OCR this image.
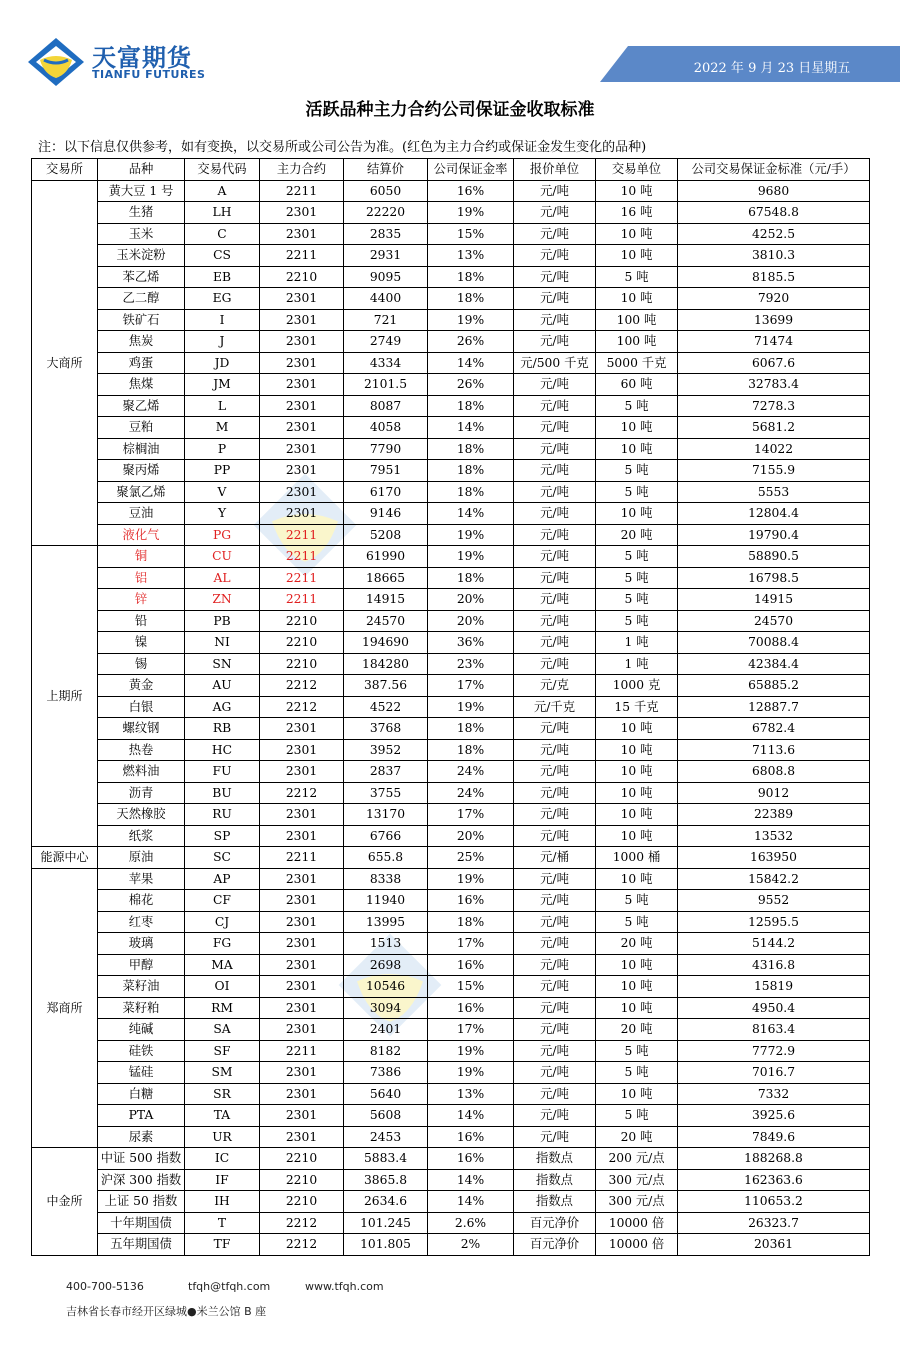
天富期货
TIANFU FUTURES	2022 年 9 月 23 日星期五
活跃品种主力合约公司保证金收取标准
注：以下信息仅供参考，如有变换，以交易所或公司公告为准。(红色为主力合约或保证金发生变化的品种)
交易所	品种	交易代码	主力合约	结算价	公司保证金率	报价单位	交易单位	公司交易保证金标准（元/手）
大商所	黄大豆 1 号	A	2211	6050	16%	元/吨	10 吨	9680
	生猪	LH	2301	22220	19%	元/吨	16 吨	67548.8
	玉米	C	2301	2835	15%	元/吨	10 吨	4252.5
	玉米淀粉	CS	2211	2931	13%	元/吨	10 吨	3810.3
	苯乙烯	EB	2210	9095	18%	元/吨	5 吨	8185.5
	乙二醇	EG	2301	4400	18%	元/吨	10 吨	7920
	铁矿石	I	2301	721	19%	元/吨	100 吨	13699
	焦炭	J	2301	2749	26%	元/吨	100 吨	71474
	鸡蛋	JD	2301	4334	14%	元/500 千克	5000 千克	6067.6
	焦煤	JM	2301	2101.5	26%	元/吨	60 吨	32783.4
	聚乙烯	L	2301	8087	18%	元/吨	5 吨	7278.3
	豆粕	M	2301	4058	14%	元/吨	10 吨	5681.2
	棕榈油	P	2301	7790	18%	元/吨	10 吨	14022
	聚丙烯	PP	2301	7951	18%	元/吨	5 吨	7155.9
	聚氯乙烯	V	2301	6170	18%	元/吨	5 吨	5553
	豆油	Y	2301	9146	14%	元/吨	10 吨	12804.4
	液化气	PG	2211	5208	19%	元/吨	20 吨	19790.4
上期所	铜	CU	2211	61990	19%	元/吨	5 吨	58890.5
	铝	AL	2211	18665	18%	元/吨	5 吨	16798.5
	锌	ZN	2211	14915	20%	元/吨	5 吨	14915
	铅	PB	2210	24570	20%	元/吨	5 吨	24570
	镍	NI	2210	194690	36%	元/吨	1 吨	70088.4
	锡	SN	2210	184280	23%	元/吨	1 吨	42384.4
	黄金	AU	2212	387.56	17%	元/克	1000 克	65885.2
	白银	AG	2212	4522	19%	元/千克	15 千克	12887.7
	螺纹钢	RB	2301	3768	18%	元/吨	10 吨	6782.4
	热卷	HC	2301	3952	18%	元/吨	10 吨	7113.6
	燃料油	FU	2301	2837	24%	元/吨	10 吨	6808.8
	沥青	BU	2212	3755	24%	元/吨	10 吨	9012
	天然橡胶	RU	2301	13170	17%	元/吨	10 吨	22389
	纸浆	SP	2301	6766	20%	元/吨	10 吨	13532
能源中心	原油	SC	2211	655.8	25%	元/桶	1000 桶	163950
郑商所	苹果	AP	2301	8338	19%	元/吨	10 吨	15842.2
	棉花	CF	2301	11940	16%	元/吨	5 吨	9552
	红枣	CJ	2301	13995	18%	元/吨	5 吨	12595.5
	玻璃	FG	2301	1513	17%	元/吨	20 吨	5144.2
	甲醇	MA	2301	2698	16%	元/吨	10 吨	4316.8
	菜籽油	OI	2301	10546	15%	元/吨	10 吨	15819
	菜籽粕	RM	2301	3094	16%	元/吨	10 吨	4950.4
	纯碱	SA	2301	2401	17%	元/吨	20 吨	8163.4
	硅铁	SF	2211	8182	19%	元/吨	5 吨	7772.9
	锰硅	SM	2301	7386	19%	元/吨	5 吨	7016.7
	白糖	SR	2301	5640	13%	元/吨	10 吨	7332
	PTA	TA	2301	5608	14%	元/吨	5 吨	3925.6
	尿素	UR	2301	2453	16%	元/吨	20 吨	7849.6
中金所	中证 500 指数	IC	2210	5883.4	16%	指数点	200 元/点	188268.8
	沪深 300 指数	IF	2210	3865.8	14%	指数点	300 元/点	162363.6
	上证 50 指数	IH	2210	2634.6	14%	指数点	300 元/点	110653.2
	十年期国债	T	2212	101.245	2.6%	百元净价	10000 倍	26323.7
	五年期国债	TF	2212	101.805	2%	百元净价	10000 倍	20361
400-700-5136	tfqh@tfqh.com	www.tfqh.com
吉林省长春市经开区绿城●米兰公馆 B 座
